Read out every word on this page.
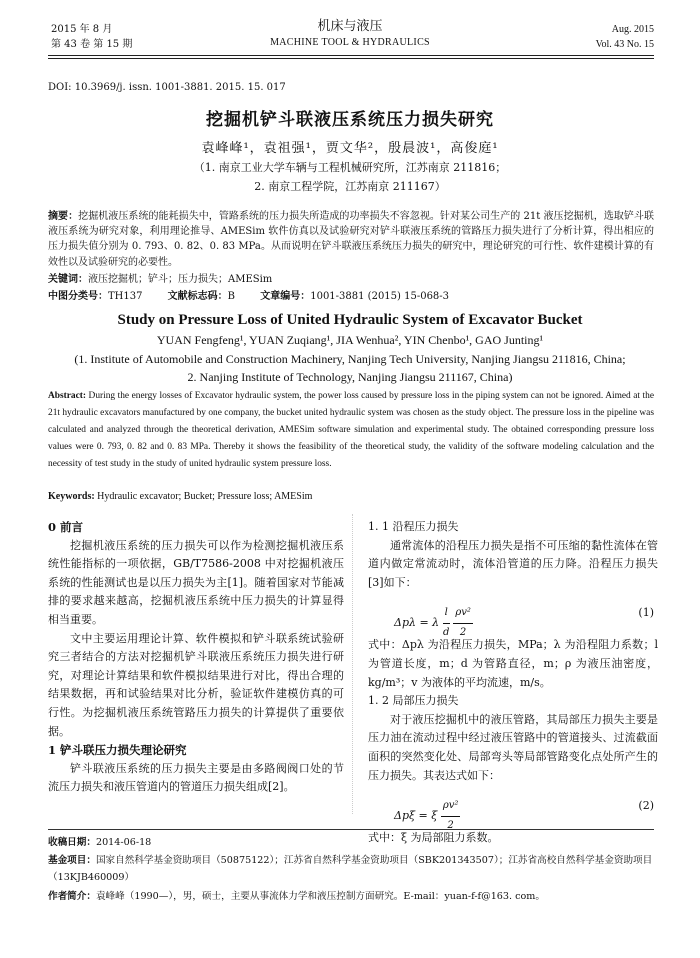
2015 年 8 月
第 43 卷 第 15 期
机床与液压
MACHINE TOOL & HYDRAULICS
Aug. 2015
Vol. 43 No. 15
DOI: 10.3969/j. issn. 1001-3881. 2015. 15. 017
挖掘机铲斗联液压系统压力损失研究
袁峰峰¹，袁祖强¹，贾文华²，殷晨波¹，高俊庭¹
（1. 南京工业大学车辆与工程机械研究所，江苏南京 211816；
2. 南京工程学院，江苏南京 211167）
摘要：挖掘机液压系统的能耗损失中，管路系统的压力损失所造成的功率损失不容忽视。针对某公司生产的 21t 液压挖掘机，选取铲斗联液压系统为研究对象，利用理论推导、AMESim 软件仿真以及试验研究对铲斗联液压系统的管路压力损失进行了分析计算，得出相应的压力损失值分别为 0. 793、0. 82、0. 83 MPa。从而说明在铲斗联液压系统压力损失的研究中，理论研究的可行性、软件建模计算的有效性以及试验研究的必要性。
关键词：液压挖掘机；铲斗；压力损失；AMESim
中图分类号：TH137	文献标志码：B	文章编号：1001-3881 (2015) 15-068-3
Study on Pressure Loss of United Hydraulic System of Excavator Bucket
YUAN Fengfeng¹, YUAN Zuqiang¹, JIA Wenhua², YIN Chenbo¹, GAO Junting¹
(1. Institute of Automobile and Construction Machinery, Nanjing Tech University, Nanjing Jiangsu 211816, China;
2. Nanjing Institute of Technology, Nanjing Jiangsu 211167, China)
Abstract: During the energy losses of Excavator hydraulic system, the power loss caused by pressure loss in the piping system can not be ignored. Aimed at the 21t hydraulic excavators manufactured by one company, the bucket united hydraulic system was chosen as the study object. The pressure loss in the pipeline was calculated and analyzed through the theoretical derivation, AMESim software simulation and experimental study. The obtained corresponding pressure loss values were 0. 793, 0. 82 and 0. 83 MPa. Thereby it shows the feasibility of the theoretical study, the validity of the software modeling calculation and the necessity of test study in the study of united hydraulic system pressure loss.
Keywords: Hydraulic excavator; Bucket; Pressure loss; AMESim
0 前言

挖掘机液压系统的压力损失可以作为检测挖掘机液压系统性能指标的一项依据，GB/T7586-2008 中对挖掘机液压系统的性能测试也是以压力损失为主[1]。随着国家对节能减排的要求越来越高，挖掘机液压系统中压力损失的计算显得相当重要。

文中主要运用理论计算、软件模拟和铲斗联系统试验研究三者结合的方法对挖掘机铲斗联液压系统压力损失进行研究，对理论计算结果和软件模拟结果进行对比，得出合理的结果数据，再和试验结果对比分析，验证软件建模仿真的可行性。为挖掘机液压系统管路压力损失的计算提供了重要依据。

1 铲斗联压力损失理论研究

铲斗联液压系统的压力损失主要是由多路阀阀口处的节流压力损失和液压管道内的管道压力损失组成[2]。

1. 1 沿程压力损失

通常流体的沿程压力损失是指不可压缩的黏性流体在管道内做定常流动时，流体沿管道的压力降。沿程压力损失[3]如下：

Δpλ = λ $\frac{l}{d}$
$\frac{\text{ρv²}}{2}$	(1)

式中：Δpλ 为沿程压力损失，MPa；λ 为沿程阻力系数；l 为管道长度，m；d 为管路直径，m；ρ 为液压油密度，kg/m³；v 为液体的平均流速，m/s。

1. 2 局部压力损失

对于液压挖掘机中的液压管路，其局部压力损失主要是压力油在流动过程中经过液压管路中的管道接头、过流截面面积的突然变化处、局部弯头等局部管路变化点处所产生的压力损失。其表达式如下：

Δpξ = ξ $\frac{\text{ρv²}}{2}$	(2)

式中：ξ 为局部阻力系数。

收稿日期：2014-06-18
基金项目：国家自然科学基金资助项目（50875122）；江苏省自然科学基金资助项目（SBK201343507）；江苏省高校自然科学基金资助项目（13KJB460009）
作者简介：袁峰峰（1990—），男，硕士，主要从事流体力学和液压控制方面研究。E-mail：yuan-f-f@163. com。
